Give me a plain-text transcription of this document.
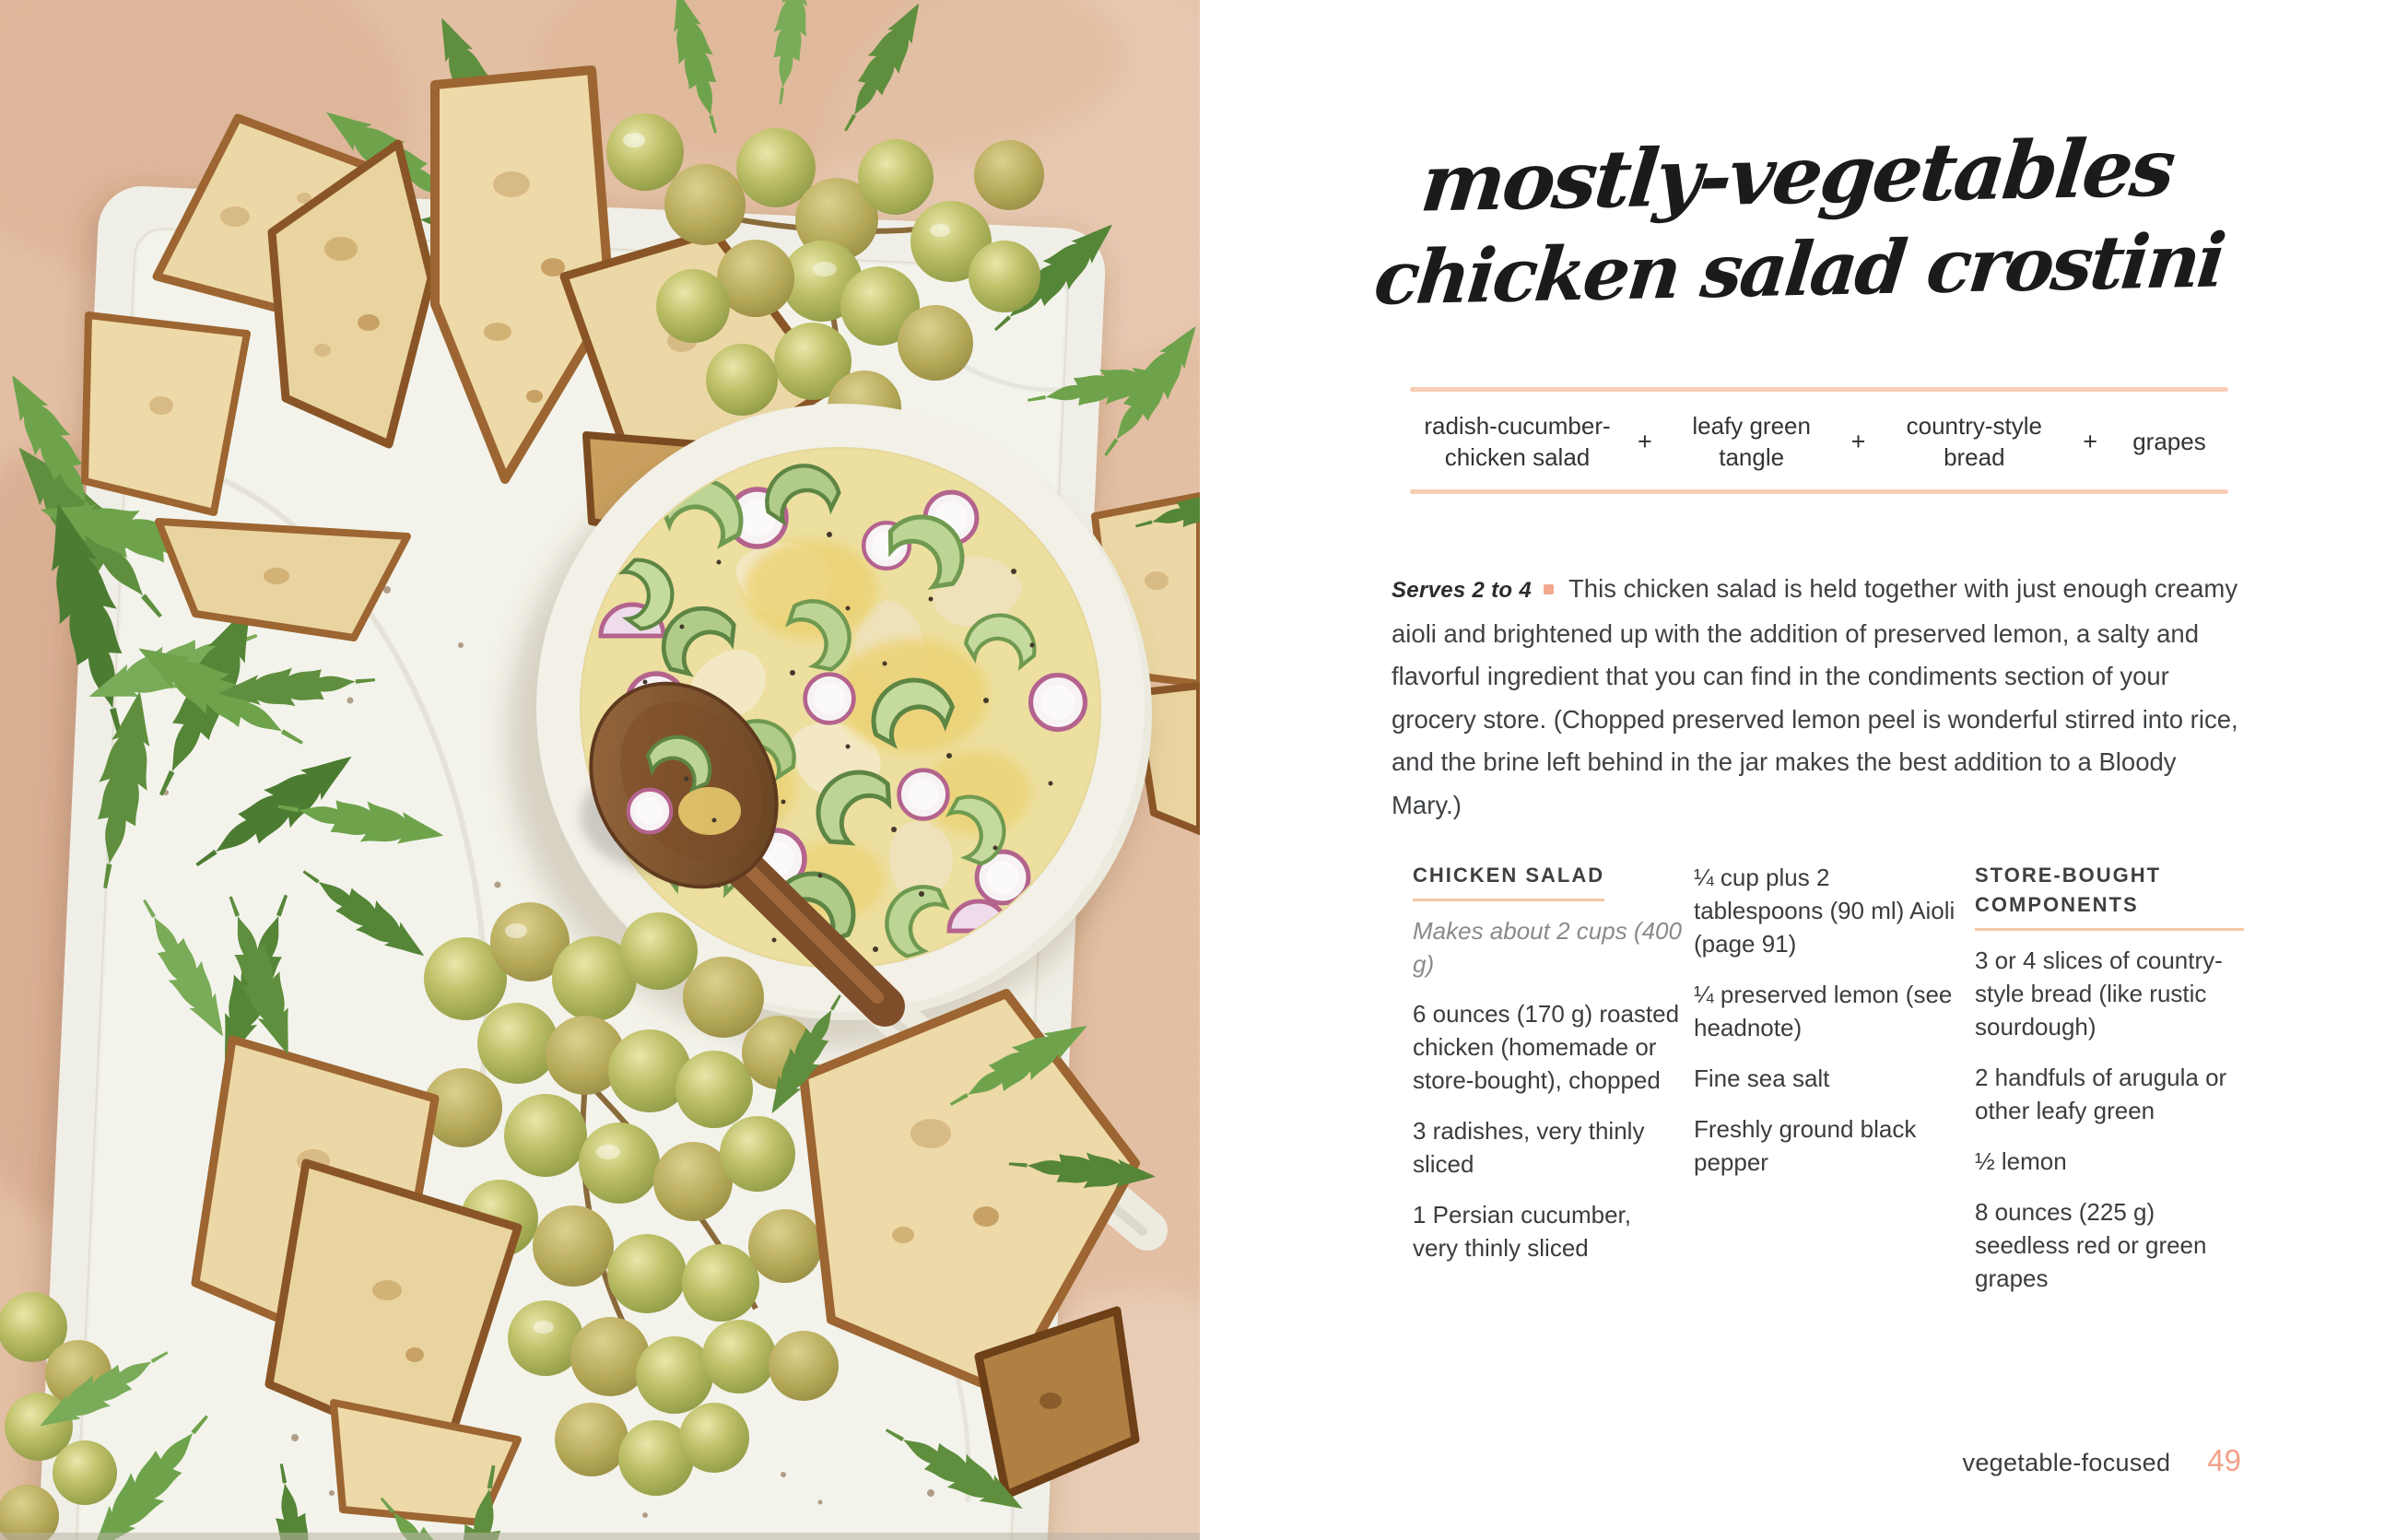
mostly-vegetables
chicken salad crostini
radish-cucumber-
chicken salad
+
leafy green
tangle
+
country-style
bread
+	grapes

Serves 2 to 4 This chicken salad is held together with just enough creamy aioli and brightened up with the addition of preserved lemon, a salty and flavorful ingredient that you can find in the condiments section of your grocery store. (Chopped preserved lemon peel is wonderful stirred into rice, and the brine left behind in the jar makes the best addition to a Bloody Mary.)

CHICKEN SALAD

Makes about 2 cups (400 g)

6 ounces (170 g) roasted chicken (homemade or store-bought), chopped

3 radishes, very thinly sliced

1 Persian cucumber, very thinly sliced

¼ cup plus 2 tablespoons (90 ml) Aioli (page 91)

¼ preserved lemon (see headnote)

Fine sea salt

Freshly ground black pepper

STORE-BOUGHT COMPONENTS

3 or 4 slices of country-style bread (like rustic sourdough)

2 handfuls of arugula or other leafy green

½ lemon

8 ounces (225 g) seedless red or green grapes

vegetable-focused 49
